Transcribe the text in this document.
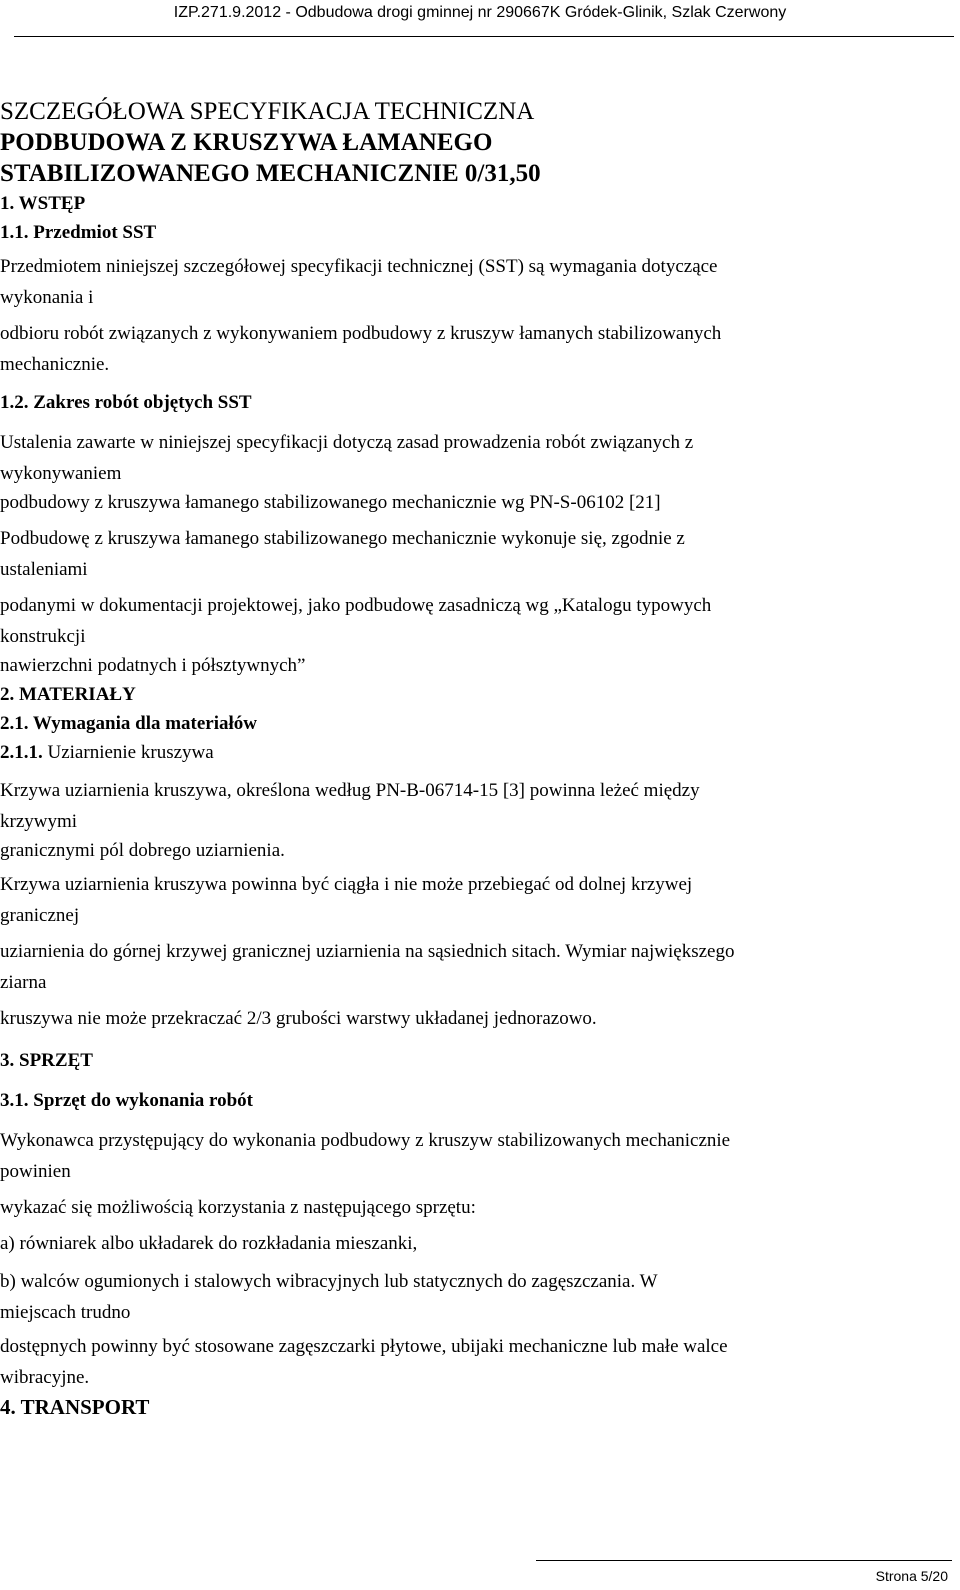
IZP.271.9.2012 - Odbudowa drogi gminnej nr 290667K Gródek-Glinik, Szlak Czerwony

SZCZEGÓŁOWA SPECYFIKACJA TECHNICZNA

PODBUDOWA Z KRUSZYWA ŁAMANEGO

STABILIZOWANEGO MECHANICZNIE 0/31,50

1. WSTĘP

1.1. Przedmiot SST

Przedmiotem niniejszej szczegółowej specyfikacji technicznej (SST) są wymagania dotyczące

wykonania i

odbioru robót związanych z wykonywaniem podbudowy z kruszyw łamanych stabilizowanych

mechanicznie.

1.2. Zakres robót objętych SST

Ustalenia zawarte w niniejszej specyfikacji dotyczą zasad prowadzenia robót związanych z

wykonywaniem

podbudowy z kruszywa łamanego stabilizowanego mechanicznie wg PN-S-06102 [21]

Podbudowę z kruszywa łamanego stabilizowanego mechanicznie wykonuje się, zgodnie z

ustaleniami

podanymi w dokumentacji projektowej, jako podbudowę zasadniczą wg „Katalogu typowych

konstrukcji

nawierzchni podatnych i półsztywnych”

2. MATERIAŁY

2.1. Wymagania dla materiałów

2.1.1. Uziarnienie kruszywa

Krzywa uziarnienia kruszywa, określona według PN-B-06714-15 [3] powinna leżeć między

krzywymi

granicznymi pól dobrego uziarnienia.

Krzywa uziarnienia kruszywa powinna być ciągła i nie może przebiegać od dolnej krzywej

granicznej

uziarnienia do górnej krzywej granicznej uziarnienia na sąsiednich sitach. Wymiar największego

ziarna

kruszywa nie może przekraczać 2/3 grubości warstwy układanej jednorazowo.

3. SPRZĘT

3.1. Sprzęt do wykonania robót

Wykonawca przystępujący do wykonania podbudowy z kruszyw stabilizowanych mechanicznie

powinien

wykazać się możliwością korzystania z następującego sprzętu:

a) równiarek albo układarek do rozkładania mieszanki,

b) walców ogumionych i stalowych wibracyjnych lub statycznych do zagęszczania. W

miejscach trudno

dostępnych powinny być stosowane zagęszczarki płytowe, ubijaki mechaniczne lub małe walce

wibracyjne.

4. TRANSPORT

Strona 5/20
